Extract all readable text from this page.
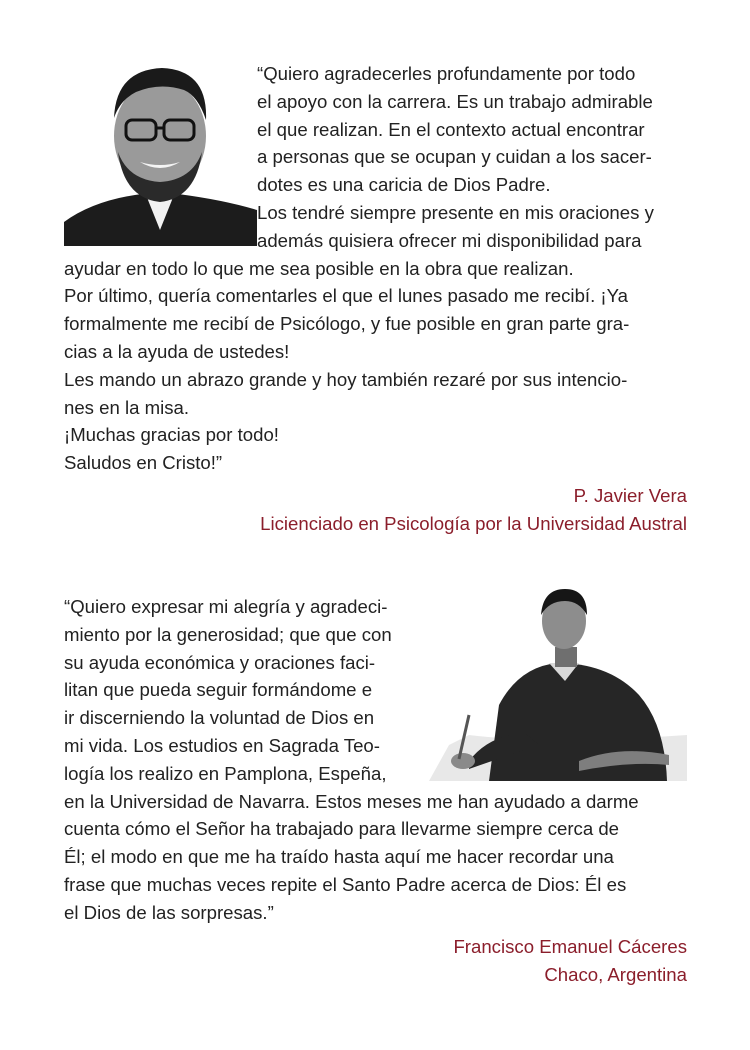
“Quiero agradecerles profundamente por todo
el apoyo con la carrera. Es un trabajo admirable
el que realizan. En el contexto actual encontrar
a personas que se ocupan y cuidan a los sacer-
dotes es una caricia de Dios Padre.
Los tendré siempre presente en mis oraciones y
además quisiera ofrecer mi disponibilidad para
ayudar en todo lo que me sea posible en la obra que realizan.
Por último, quería comentarles el que el lunes pasado me recibí. ¡Ya
formalmente me recibí de Psicólogo, y fue posible en gran parte gra-
cias a la ayuda de ustedes!
Les mando un abrazo grande y hoy también rezaré por sus intencio-
nes en la misa.
¡Muchas gracias por todo!
Saludos en Cristo!”

P. Javier Vera
Licienciado en Psicología por la Universidad Austral

“Quiero expresar mi alegría y agradeci-
miento por la generosidad; que que con
su ayuda económica y oraciones faci-
litan que pueda seguir formándome e
ir discerniendo la voluntad de Dios en
mi vida. Los estudios en Sagrada Teo-
logía los realizo en Pamplona, Espeña,
en la Universidad de Navarra. Estos meses me han ayudado a darme
cuenta cómo el Señor ha trabajado para llevarme siempre cerca de
Él; el modo en que me ha traído hasta aquí me hacer recordar una
frase que muchas veces repite el Santo Padre acerca de Dios: Él es
el Dios de las sorpresas.”

Francisco Emanuel Cáceres
Chaco, Argentina
